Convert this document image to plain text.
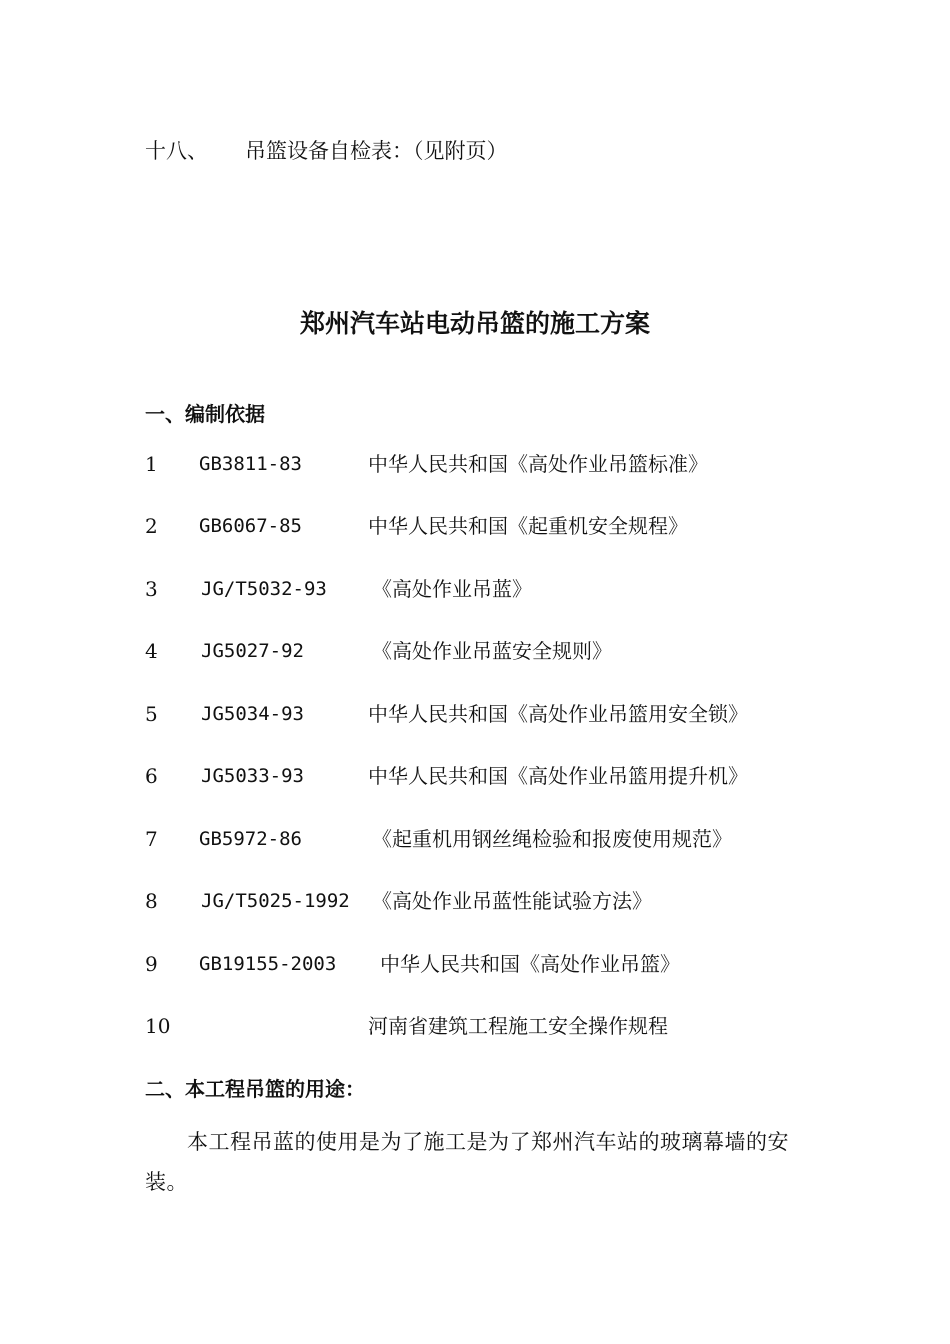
十八、 吊篮设备自检表：（见附页）
郑州汽车站电动吊篮的施工方案
一、编制依据
1 GB3811-83	中华人民共和国《高处作业吊篮标准》
2 GB6067-85	中华人民共和国《起重机安全规程》
3 JG/T5032-93 《高处作业吊蓝》
4 JG5027-92	《高处作业吊蓝安全规则》
5 JG5034-93	中华人民共和国《高处作业吊篮用安全锁》
6 JG5033-93	中华人民共和国《高处作业吊篮用提升机》
7 GB5972-86	《起重机用钢丝绳检验和报废使用规范》
8 JG/T5025-1992 《高处作业吊蓝性能试验方法》
9 GB19155-2003 中华人民共和国《高处作业吊篮》
10	河南省建筑工程施工安全操作规程
二、本工程吊篮的用途：
本工程吊蓝的使用是为了施工是为了郑州汽车站的玻璃幕墙的安装。
